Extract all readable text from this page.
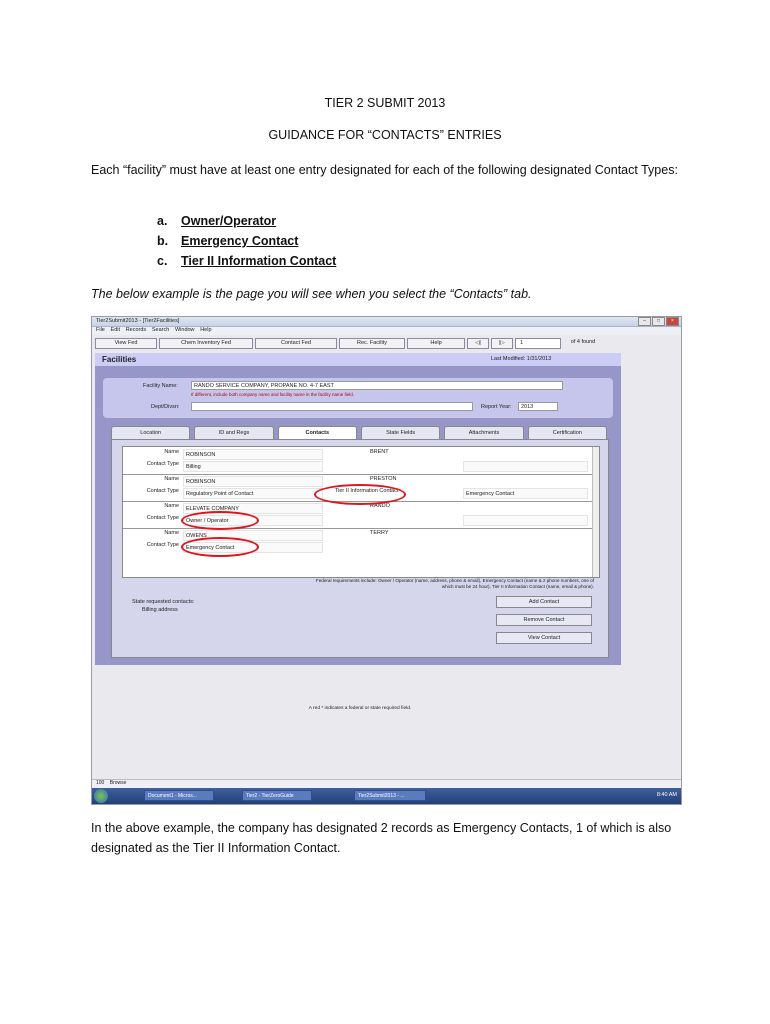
TIER 2 SUBMIT 2013
GUIDANCE FOR “CONTACTS” ENTRIES
Each “facility” must have at least one entry designated for each of the following designated Contact Types:
a.	Owner/Operator
b.	Emergency Contact
c.	Tier II Information Contact
The below example is the page you will see when you select the “Contacts” tab.
Tier2Submit2013 - [Tier2Facilities]	–	□	×
File Edit Records Search Window Help
View Fed	Chem Inventory Fed	Contact Fed	Rec. Facility	Help	◁|	|▷	1	of 4 found
Facilities	Last Modified: 1/31/2013
Facility Name:	RANDO SERVICE COMPANY, PROPANE NO. 4-7 EAST
If different, include both company name and facility name in the facility name field.
Dept/Divsn:	Report Year:	2013
Location	ID and Regs	Contacts	State Fields	Attachments	Certification
Name	ROBINSON	BRENT
Contact Type	Billing
Name	ROBINSON	PRESTON
Contact Type	Regulatory Point of Contact	Tier II Information Contact	Emergency Contact
Name	ELEVATE COMPANY	RANDO
Contact Type	Owner / Operator
Name	OWENS	TERRY
Contact Type	Emergency Contact
Federal requirements include: Owner / Operator (name, address, phone & email), Emergency Contact (name & 2 phone numbers, one of which must be 24 hour), Tier II Information Contact (name, email & phone).
State requested contacts:
Billing address
Add Contact
Remove Contact
View Contact
A red * indicates a federal or state required field.
100 Browse
Document1 - Micros...	Tier2 - TierZeroGuide	Tier2Submit2013 - ...	8:40 AM
In the above example, the company has designated 2 records as Emergency Contacts, 1 of which is also designated as the Tier II Information Contact.
